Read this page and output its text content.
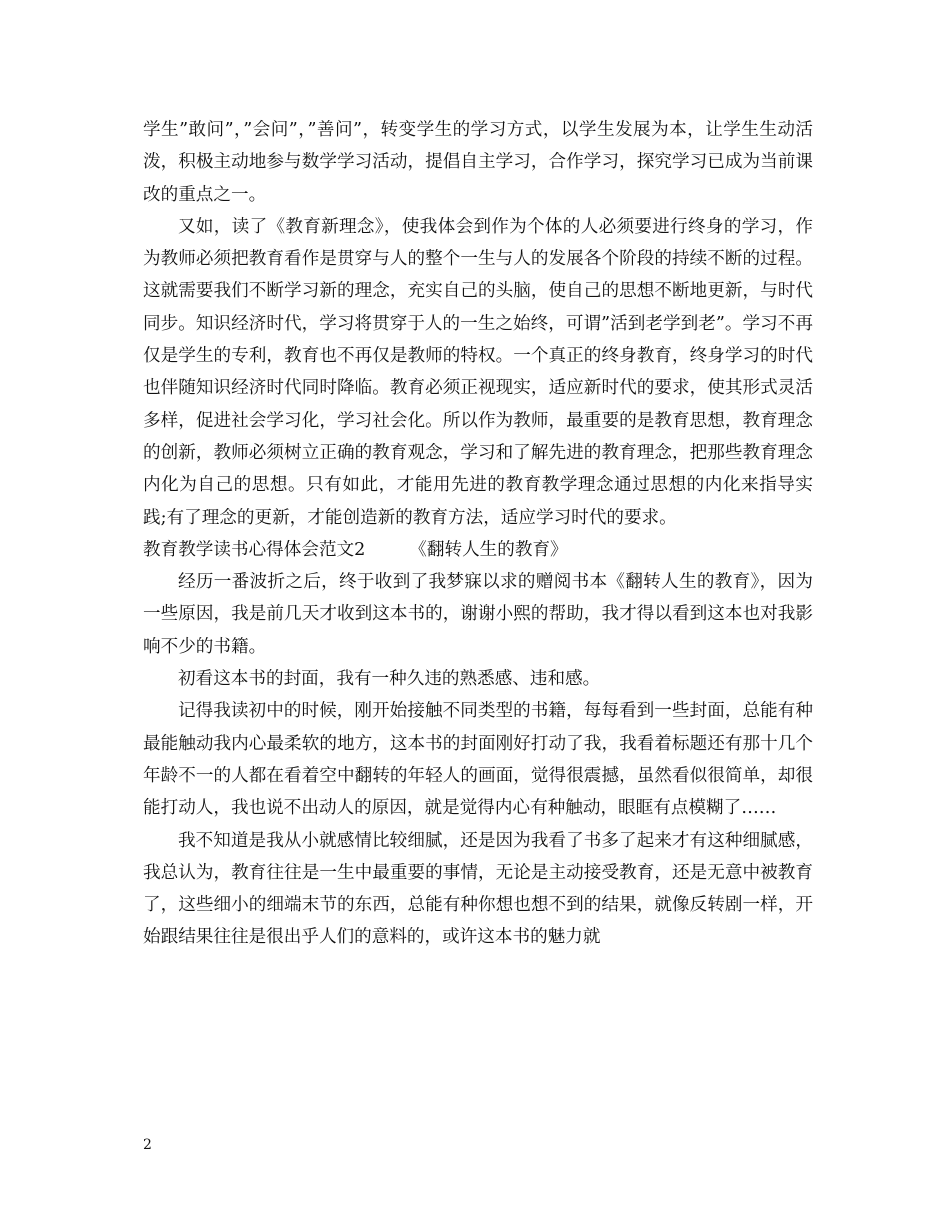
学生”敢问”，”会问”，”善问”，转变学生的学习方式，以学生发展为本，让学生生动活泼，积极主动地参与数学学习活动，提倡自主学习，合作学习，探究学习已成为当前课改的重点之一。

又如，读了《教育新理念》，使我体会到作为个体的人必须要进行终身的学习，作为教师必须把教育看作是贯穿与人的整个一生与人的发展各个阶段的持续不断的过程。这就需要我们不断学习新的理念，充实自己的头脑，使自己的思想不断地更新，与时代同步。知识经济时代，学习将贯穿于人的一生之始终，可谓”活到老学到老”。学习不再仅是学生的专利，教育也不再仅是教师的特权。一个真正的终身教育，终身学习的时代也伴随知识经济时代同时降临。教育必须正视现实，适应新时代的要求，使其形式灵活多样，促进社会学习化，学习社会化。所以作为教师，最重要的是教育思想，教育理念的创新，教师必须树立正确的教育观念，学习和了解先进的教育理念，把那些教育理念内化为自己的思想。只有如此，才能用先进的教育教学理念通过思想的内化来指导实践;有了理念的更新，才能创造新的教育方法，适应学习时代的要求。

教育教学读书心得体会范文2　　　《翻转人生的教育》

经历一番波折之后，终于收到了我梦寐以求的赠阅书本《翻转人生的教育》，因为一些原因，我是前几天才收到这本书的，谢谢小熙的帮助，我才得以看到这本也对我影响不少的书籍。

初看这本书的封面，我有一种久违的熟悉感、违和感。

记得我读初中的时候，刚开始接触不同类型的书籍，每每看到一些封面，总能有种最能触动我内心最柔软的地方，这本书的封面刚好打动了我，我看着标题还有那十几个年龄不一的人都在看着空中翻转的年轻人的画面，觉得很震撼，虽然看似很简单，却很能打动人，我也说不出动人的原因，就是觉得内心有种触动，眼眶有点模糊了……

我不知道是我从小就感情比较细腻，还是因为我看了书多了起来才有这种细腻感，我总认为，教育往往是一生中最重要的事情，无论是主动接受教育，还是无意中被教育了，这些细小的细端末节的东西，总能有种你想也想不到的结果，就像反转剧一样，开始跟结果往往是很出乎人们的意料的，或许这本书的魅力就

2
